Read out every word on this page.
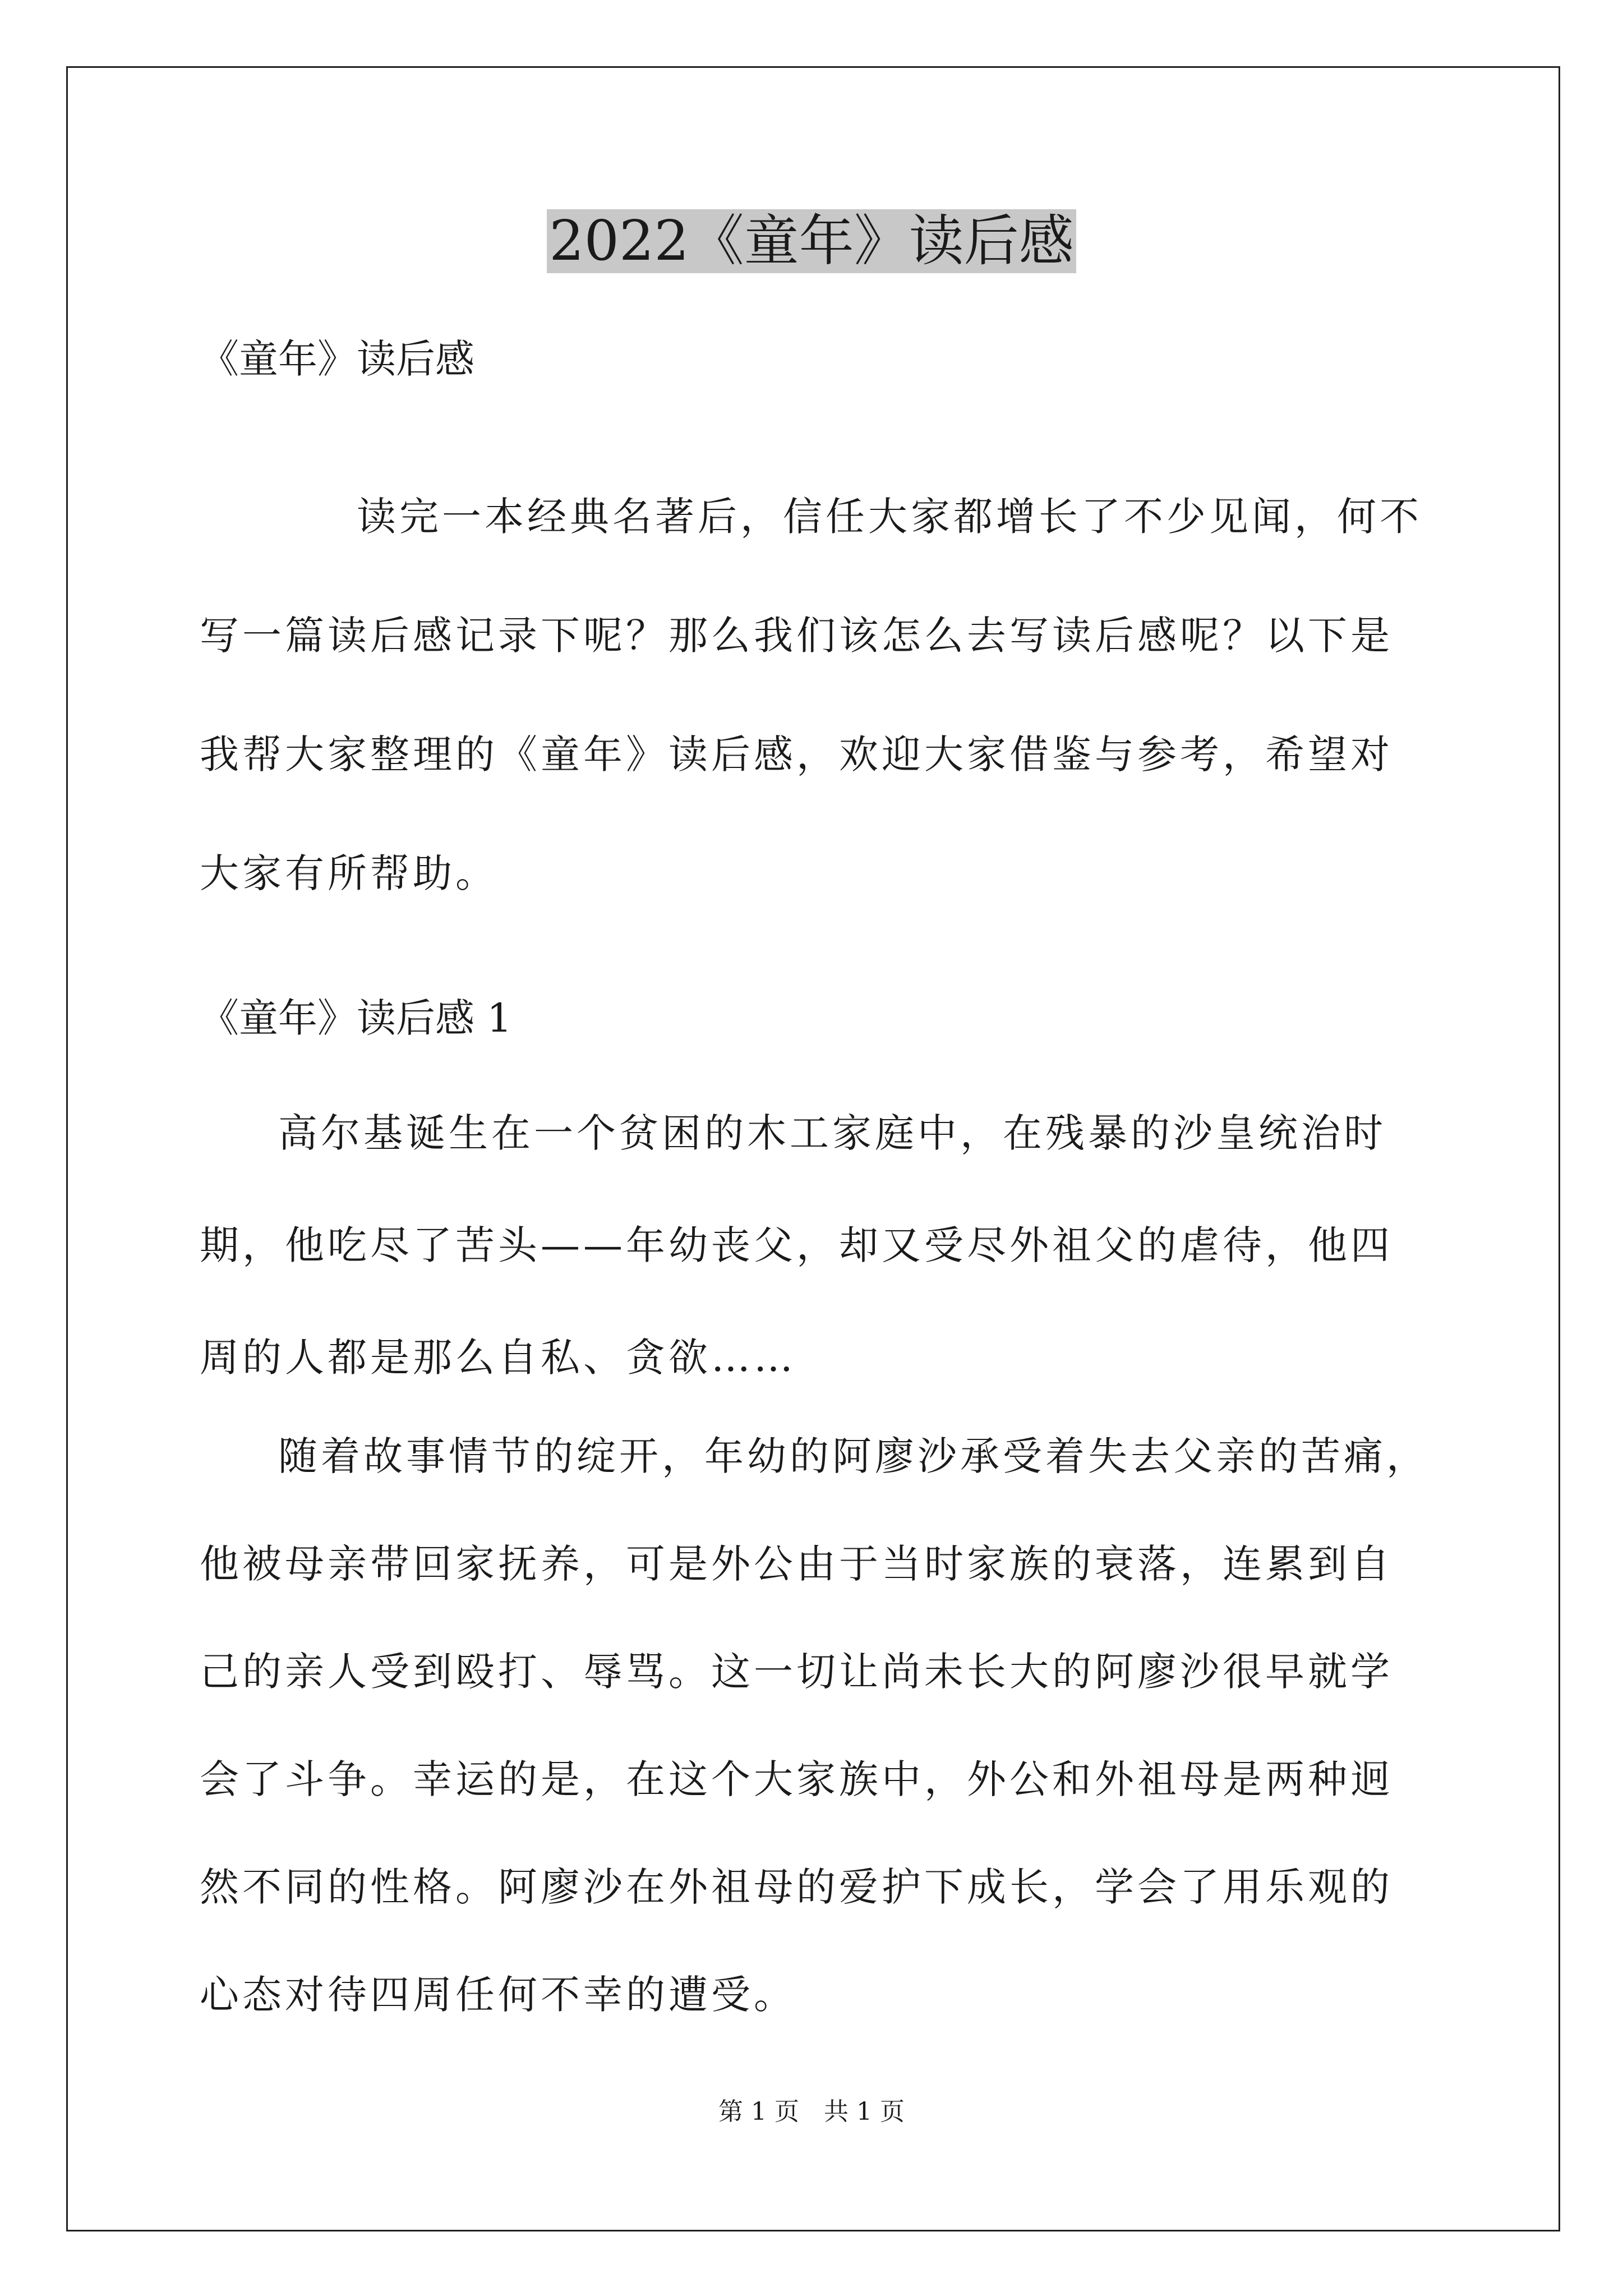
2022《童年》读后感

《童年》读后感

读完一本经典名著后，信任大家都增长了不少见闻，何不写一篇读后感记录下呢？那么我们该怎么去写读后感呢？以下是我帮大家整理的《童年》读后感，欢迎大家借鉴与参考，希望对大家有所帮助。

《童年》读后感 1

高尔基诞生在一个贫困的木工家庭中，在残暴的沙皇统治时期，他吃尽了苦头——年幼丧父，却又受尽外祖父的虐待，他四周的人都是那么自私、贪欲……

随着故事情节的绽开，年幼的阿廖沙承受着失去父亲的苦痛，他被母亲带回家抚养，可是外公由于当时家族的衰落，连累到自己的亲人受到殴打、辱骂。这一切让尚未长大的阿廖沙很早就学会了斗争。幸运的是，在这个大家族中，外公和外祖母是两种迥然不同的性格。阿廖沙在外祖母的爱护下成长，学会了用乐观的心态对待四周任何不幸的遭受。

第 1 页　共 1 页
